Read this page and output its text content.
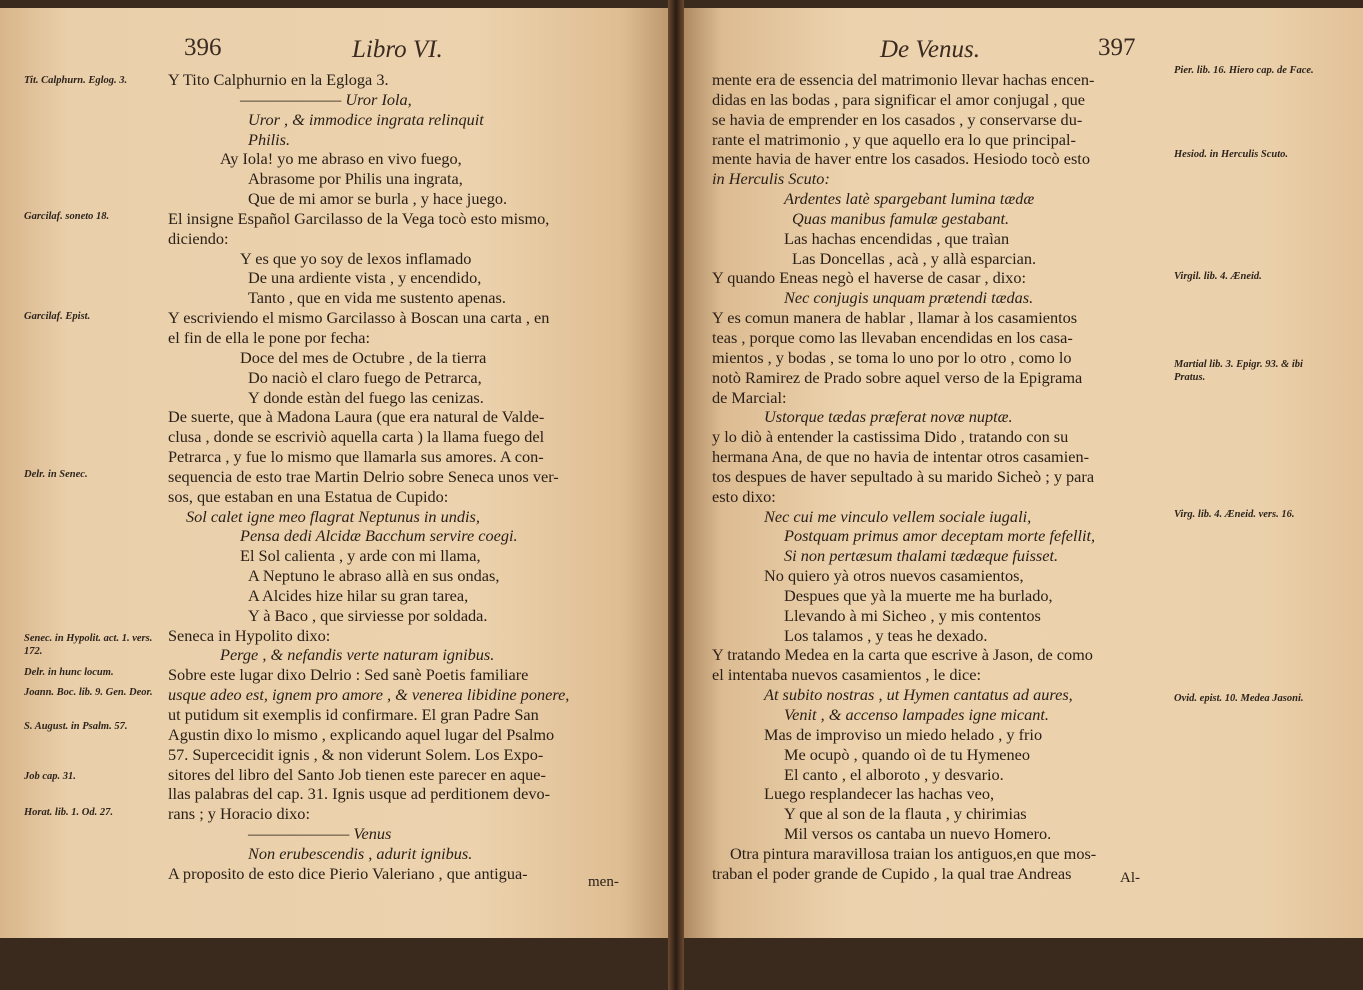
396	Libro VI.
Y Tito Calphurnio en la Egloga 3.
——————— Uror Iola,
Uror , & immodice ingrata relinquit
Philis.
Ay Iola! yo me abraso en vivo fuego,
Abrasome por Philis una ingrata,
Que de mi amor se burla , y hace juego.
El insigne Español Garcilasso de la Vega tocò esto mismo,
diciendo:
Y es que yo soy de lexos inflamado
De una ardiente vista , y encendido,
Tanto , que en vida me sustento apenas.
Y escriviendo el mismo Garcilasso à Boscan una carta , en
el fin de ella le pone por fecha:
Doce del mes de Octubre , de la tierra
Do naciò el claro fuego de Petrarca,
Y donde estàn del fuego las cenizas.
De suerte, que à Madona Laura (que era natural de Valde-
clusa , donde se escriviò aquella carta ) la llama fuego del
Petrarca , y fue lo mismo que llamarla sus amores. A con-
sequencia de esto trae Martin Delrio sobre Seneca unos ver-
sos, que estaban en una Estatua de Cupido:
Sol calet igne meo flagrat Neptunus in undis,
Pensa dedi Alcidæ Bacchum servire coegi.
El Sol calienta , y arde con mi llama,
A Neptuno le abraso allà en sus ondas,
A Alcides hize hilar su gran tarea,
Y à Baco , que sirviesse por soldada.
Seneca in Hypolito dixo:
Perge , & nefandis verte naturam ignibus.
Sobre este lugar dixo Delrio : Sed sanè Poetis familiare
usque adeo est, ignem pro amore , & venerea libidine ponere,
ut putidum sit exemplis id confirmare. El gran Padre San
Agustin dixo lo mismo , explicando aquel lugar del Psalmo
57. Supercecidit ignis , & non viderunt Solem. Los Expo-
sitores del libro del Santo Job tienen este parecer en aque-
llas palabras del cap. 31. Ignis usque ad perditionem devo-
rans ; y Horacio dixo:
——————— Venus
Non erubescendis , adurit ignibus.
A proposito de esto dice Pierio Valeriano , que antigua-
Tit. Calphurn. Eglog. 3.
Garcilaf. soneto 18.
Garcilaf. Epist.
Delr. in Senec.
Senec. in Hypolit. act. 1. vers. 172.
Delr. in hunc locum.
Joann. Boc. lib. 9. Gen. Deor.
S. August. in Psalm. 57.
Job cap. 31.
Horat. lib. 1. Od. 27.
men-
De Venus.	397
mente era de essencia del matrimonio llevar hachas encen-
didas en las bodas , para significar el amor conjugal , que
se havia de emprender en los casados , y conservarse du-
rante el matrimonio , y que aquello era lo que principal-
mente havia de haver entre los casados. Hesiodo tocò esto
in Herculis Scuto:
Ardentes latè spargebant lumina tædæ
Quas manibus famulæ gestabant.
Las hachas encendidas , que traìan
Las Doncellas , acà , y allà esparcian.
Y quando Eneas negò el haverse de casar , dixo:
Nec conjugis unquam prætendi tædas.
Y es comun manera de hablar , llamar à los casamientos
teas , porque como las llevaban encendidas en los casa-
mientos , y bodas , se toma lo uno por lo otro , como lo
notò Ramirez de Prado sobre aquel verso de la Epigrama
de Marcial:
Ustorque tædas præferat novæ nuptæ.
y lo diò à entender la castissima Dido , tratando con su
hermana Ana, de que no havia de intentar otros casamien-
tos despues de haver sepultado à su marido Sicheò ; y para
esto dixo:
Nec cui me vinculo vellem sociale iugali,
Postquam primus amor deceptam morte fefellit,
Si non pertæsum thalami tædæque fuisset.
No quiero yà otros nuevos casamientos,
Despues que yà la muerte me ha burlado,
Llevando à mi Sicheo , y mis contentos
Los talamos , y teas he dexado.
Y tratando Medea en la carta que escrive à Jason, de como
el intentaba nuevos casamientos , le dice:
At subito nostras , ut Hymen cantatus ad aures,
Venit , & accenso lampades igne micant.
Mas de improviso un miedo helado , y frio
Me ocupò , quando oì de tu Hymeneo
El canto , el alboroto , y desvario.
Luego resplandecer las hachas veo,
Y que al son de la flauta , y chirimias
Mil versos os cantaba un nuevo Homero.
Otra pintura maravillosa traian los antiguos,en que mos-
traban el poder grande de Cupido , la qual trae Andreas
Pier. lib. 16. Hiero cap. de Face.
Hesiod. in Herculis Scuto.
Virgil. lib. 4. Æneid.
Martial lib. 3. Epigr. 93. & ibi Pratus.
Virg. lib. 4. Æneid. vers. 16.
Ovid. epist. 10. Medea Jasoni.
Al-
